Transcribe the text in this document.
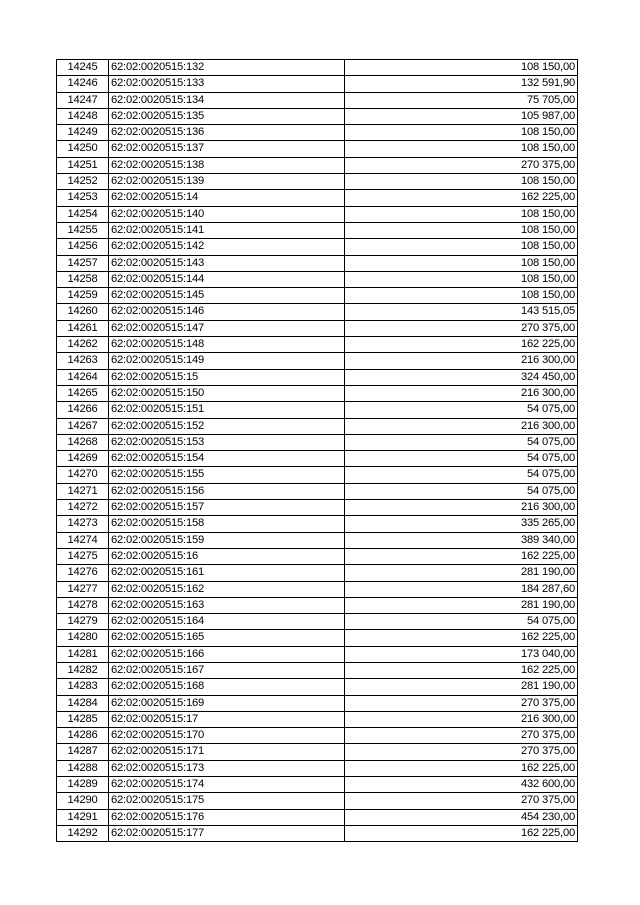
14245	62:02:0020515:132	108 150,00
14246	62:02:0020515:133	132 591,90
14247	62:02:0020515:134	75 705,00
14248	62:02:0020515:135	105 987,00
14249	62:02:0020515:136	108 150,00
14250	62:02:0020515:137	108 150,00
14251	62:02:0020515:138	270 375,00
14252	62:02:0020515:139	108 150,00
14253	62:02:0020515:14	162 225,00
14254	62:02:0020515:140	108 150,00
14255	62:02:0020515:141	108 150,00
14256	62:02:0020515:142	108 150,00
14257	62:02:0020515:143	108 150,00
14258	62:02:0020515:144	108 150,00
14259	62:02:0020515:145	108 150,00
14260	62:02:0020515:146	143 515,05
14261	62:02:0020515:147	270 375,00
14262	62:02:0020515:148	162 225,00
14263	62:02:0020515:149	216 300,00
14264	62:02:0020515:15	324 450,00
14265	62:02:0020515:150	216 300,00
14266	62:02:0020515:151	54 075,00
14267	62:02:0020515:152	216 300,00
14268	62:02:0020515:153	54 075,00
14269	62:02:0020515:154	54 075,00
14270	62:02:0020515:155	54 075,00
14271	62:02:0020515:156	54 075,00
14272	62:02:0020515:157	216 300,00
14273	62:02:0020515:158	335 265,00
14274	62:02:0020515:159	389 340,00
14275	62:02:0020515:16	162 225,00
14276	62:02:0020515:161	281 190,00
14277	62:02:0020515:162	184 287,60
14278	62:02:0020515:163	281 190,00
14279	62:02:0020515:164	54 075,00
14280	62:02:0020515:165	162 225,00
14281	62:02:0020515:166	173 040,00
14282	62:02:0020515:167	162 225,00
14283	62:02:0020515:168	281 190,00
14284	62:02:0020515:169	270 375,00
14285	62:02:0020515:17	216 300,00
14286	62:02:0020515:170	270 375,00
14287	62:02:0020515:171	270 375,00
14288	62:02:0020515:173	162 225,00
14289	62:02:0020515:174	432 600,00
14290	62:02:0020515:175	270 375,00
14291	62:02:0020515:176	454 230,00
14292	62:02:0020515:177	162 225,00
